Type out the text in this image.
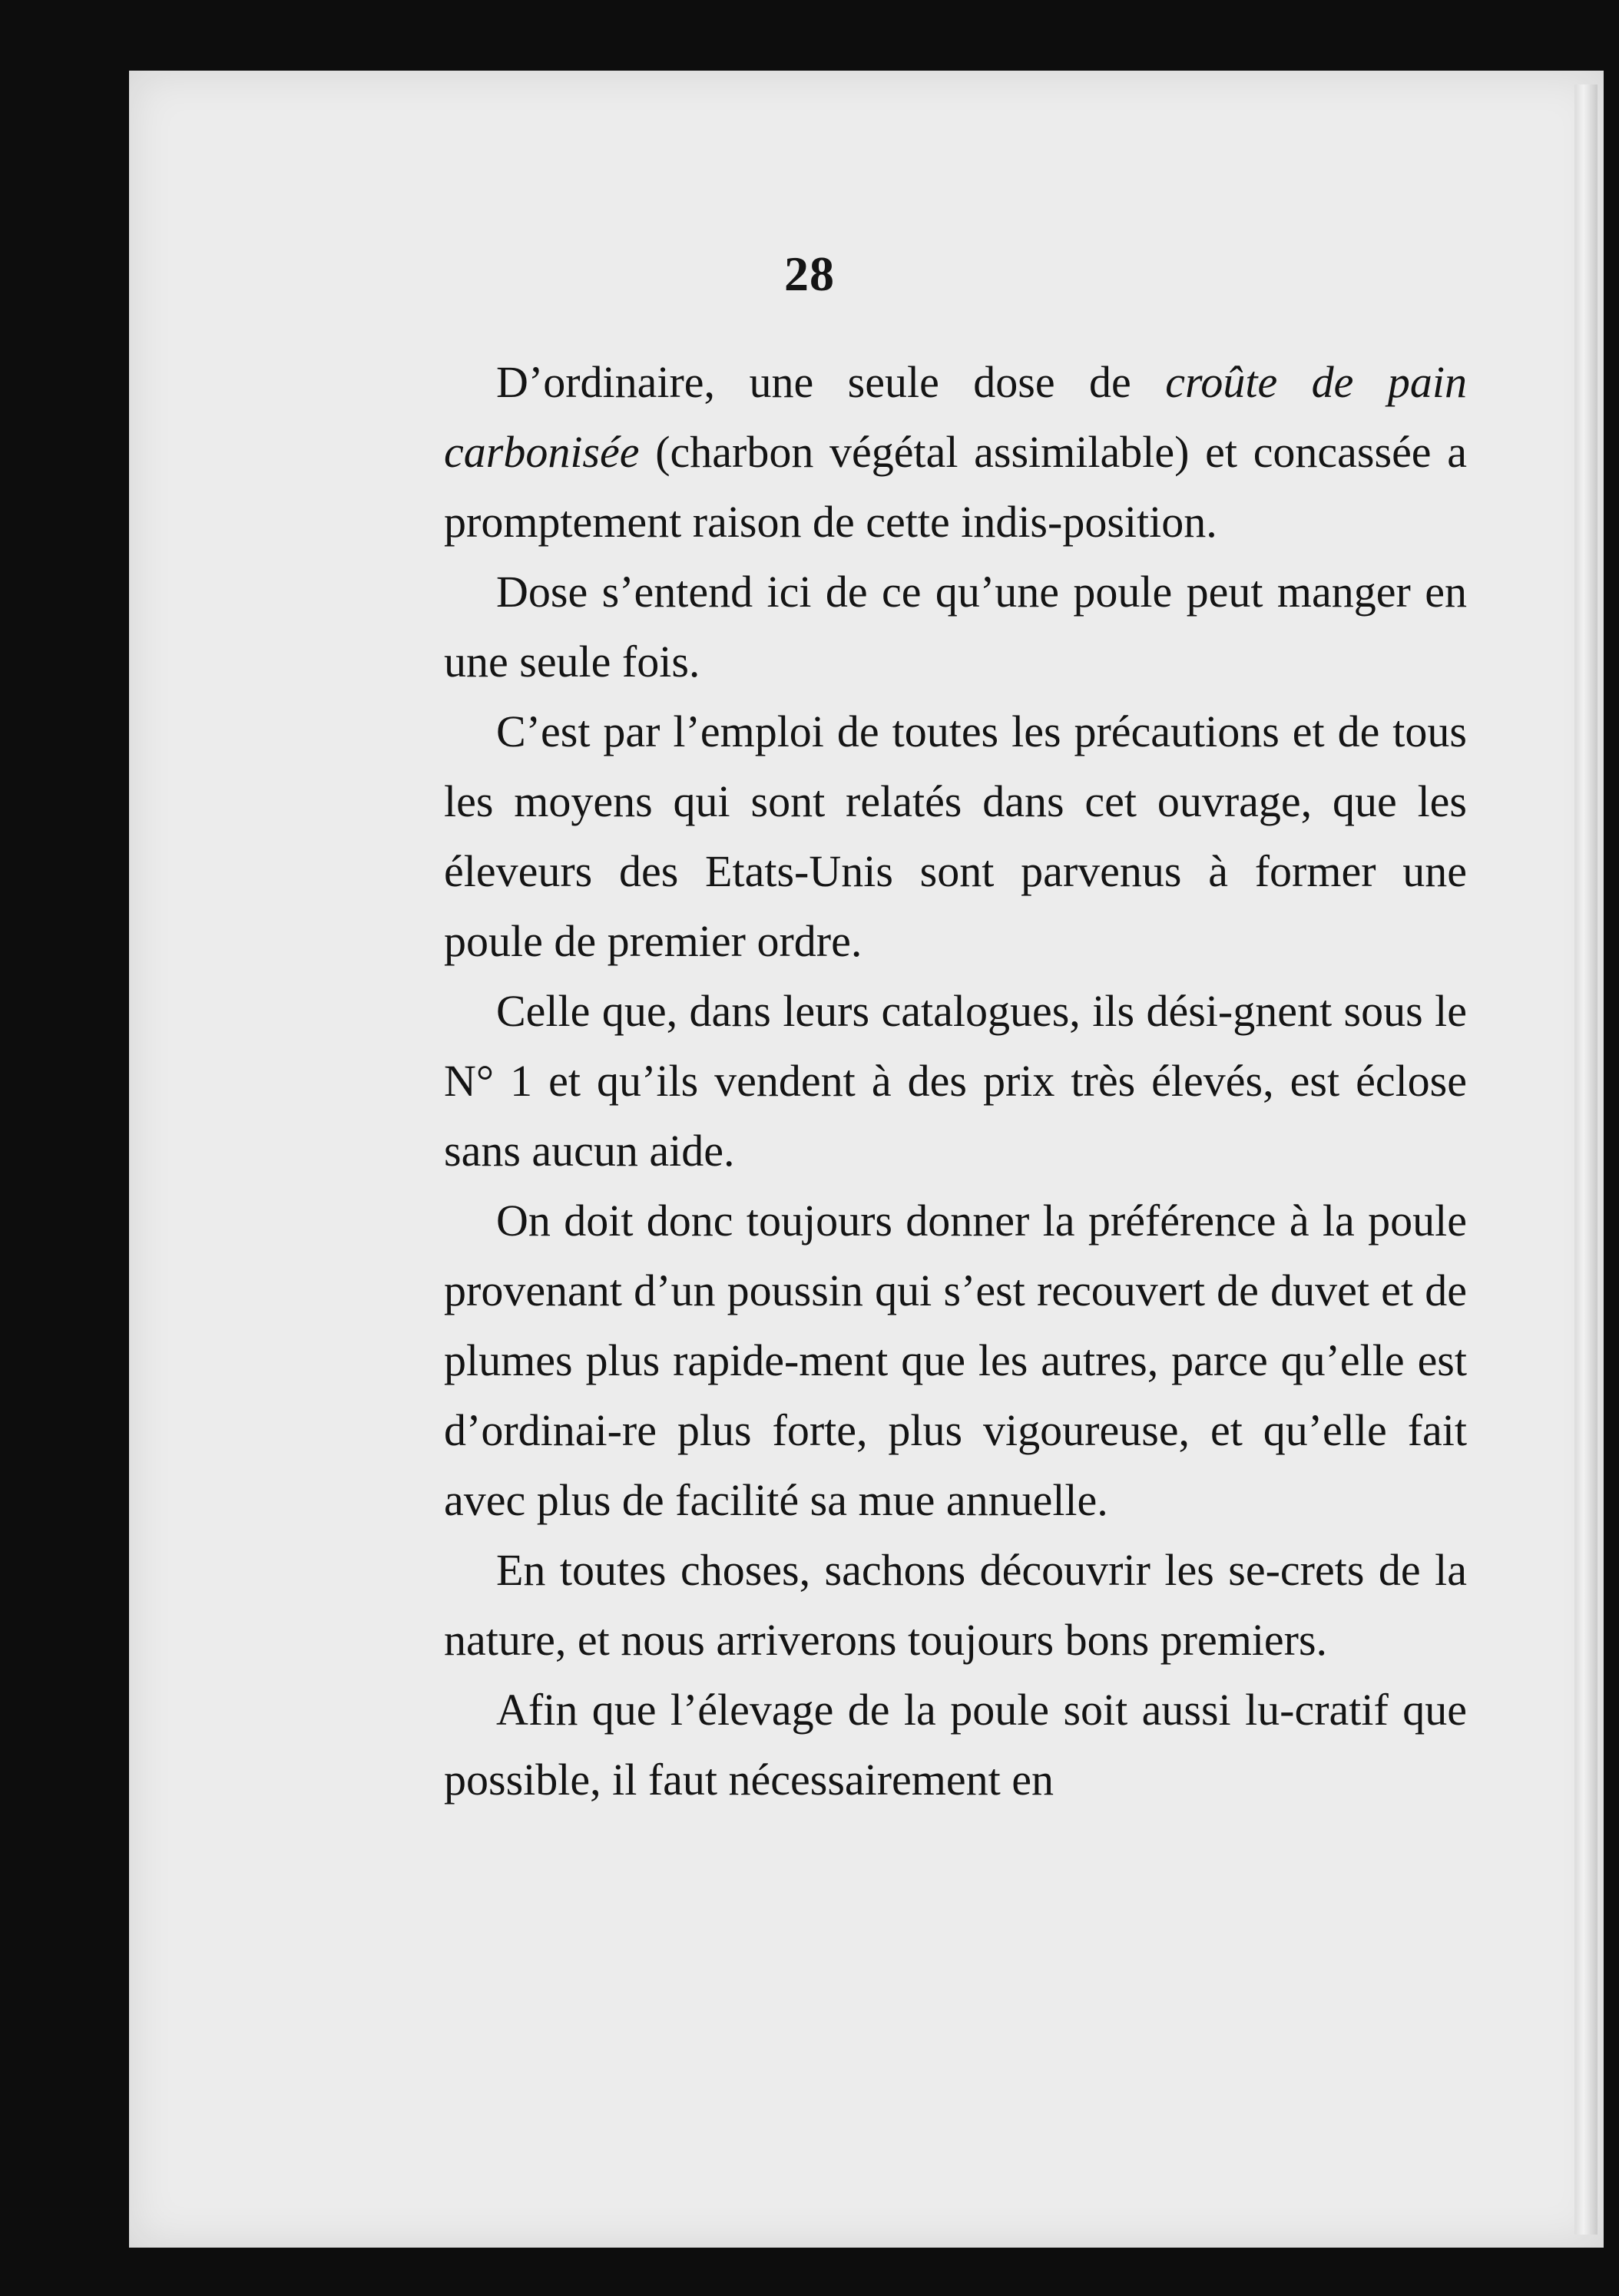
28

D’ordinaire, une seule dose de croûte de pain carbonisée (charbon végétal assimilable) et concassée a promptement raison de cette indis-position.

Dose s’entend ici de ce qu’une poule peut manger en une seule fois.

C’est par l’emploi de toutes les précautions et de tous les moyens qui sont relatés dans cet ouvrage, que les éleveurs des Etats-Unis sont parvenus à former une poule de premier ordre.

Celle que, dans leurs catalogues, ils dési-gnent sous le N° 1 et qu’ils vendent à des prix très élevés, est éclose sans aucun aide.

On doit donc toujours donner la préférence à la poule provenant d’un poussin qui s’est recouvert de duvet et de plumes plus rapide-ment que les autres, parce qu’elle est d’ordinai-re plus forte, plus vigoureuse, et qu’elle fait avec plus de facilité sa mue annuelle.

En toutes choses, sachons découvrir les se-crets de la nature, et nous arriverons toujours bons premiers.

Afin que l’élevage de la poule soit aussi lu-cratif que possible, il faut nécessairement en
